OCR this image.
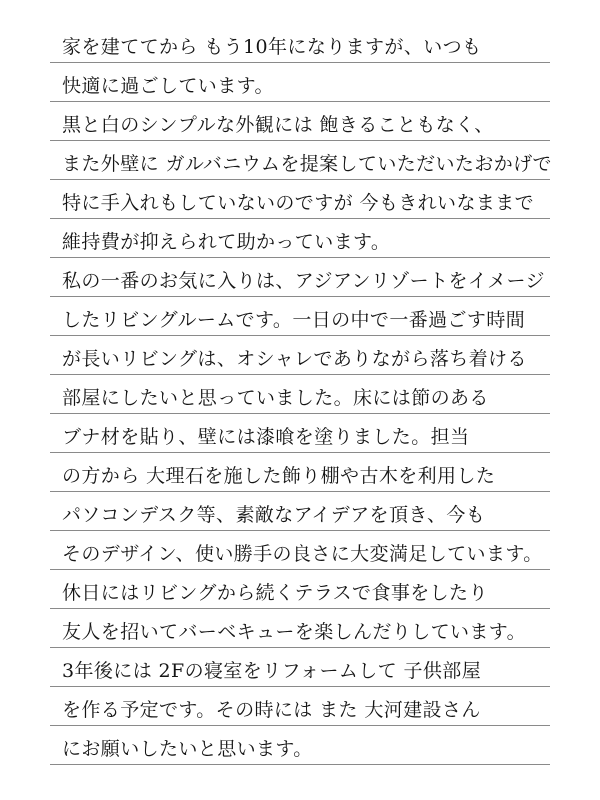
家を建ててから もう10年になりますが、いつも
快適に過ごしています。
黒と白のシンプルな外観には 飽きることもなく、
また外壁に ガルバニウムを提案していただいたおかげで
特に手入れもしていないのですが 今もきれいなままで
維持費が抑えられて助かっています。
私の一番のお気に入りは、アジアンリゾートをイメージ
したリビングルームです。一日の中で一番過ごす時間
が長いリビングは、オシャレでありながら落ち着ける
部屋にしたいと思っていました。床には節のある
ブナ材を貼り、壁には漆喰を塗りました。担当
の方から 大理石を施した飾り棚や古木を利用した
パソコンデスク等、素敵なアイデアを頂き、今も
そのデザイン、使い勝手の良さに大変満足しています。
休日にはリビングから続くテラスで食事をしたり
友人を招いてバーベキューを楽しんだりしています。
3年後には 2Fの寝室をリフォームして 子供部屋
を作る予定です。その時には また 大河建設さん
にお願いしたいと思います。
